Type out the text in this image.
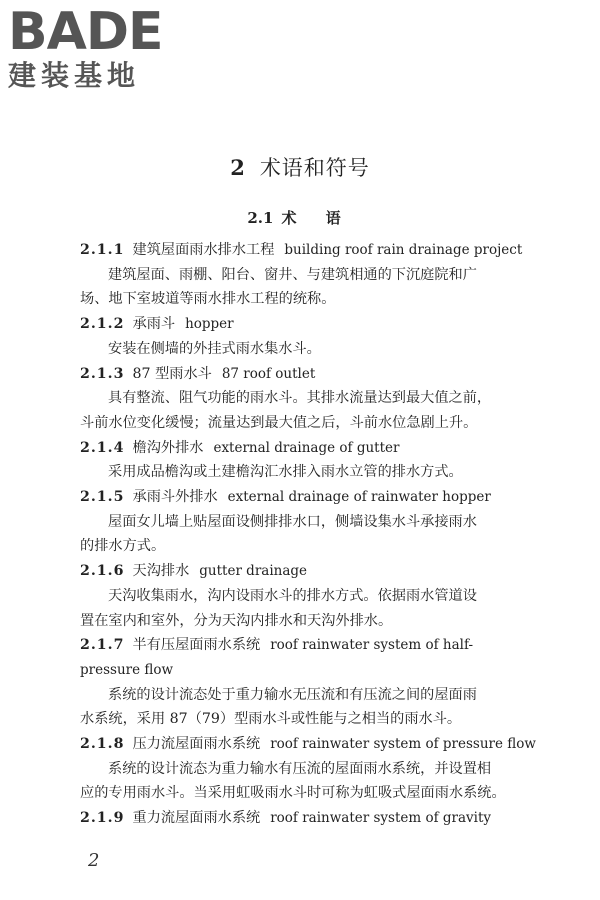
BADE
建装基地
2 术语和符号
2.1 术 语
2.1.1 建筑屋面雨水排水工程 building roof rain drainage project
建筑屋面、雨棚、阳台、窗井、与建筑相通的下沉庭院和广
场、地下室坡道等雨水排水工程的统称。
2.1.2 承雨斗 hopper
安装在侧墙的外挂式雨水集水斗。
2.1.3 87 型雨水斗 87 roof outlet
具有整流、阻气功能的雨水斗。其排水流量达到最大值之前，
斗前水位变化缓慢；流量达到最大值之后，斗前水位急剧上升。
2.1.4 檐沟外排水 external drainage of gutter
采用成品檐沟或土建檐沟汇水排入雨水立管的排水方式。
2.1.5 承雨斗外排水 external drainage of rainwater hopper
屋面女儿墙上贴屋面设侧排排水口，侧墙设集水斗承接雨水
的排水方式。
2.1.6 天沟排水 gutter drainage
天沟收集雨水，沟内设雨水斗的排水方式。依据雨水管道设
置在室内和室外，分为天沟内排水和天沟外排水。
2.1.7 半有压屋面雨水系统 roof rainwater system of half-
pressure flow
系统的设计流态处于重力输水无压流和有压流之间的屋面雨
水系统，采用 87（79）型雨水斗或性能与之相当的雨水斗。
2.1.8 压力流屋面雨水系统 roof rainwater system of pressure flow
系统的设计流态为重力输水有压流的屋面雨水系统，并设置相
应的专用雨水斗。当采用虹吸雨水斗时可称为虹吸式屋面雨水系统。
2.1.9 重力流屋面雨水系统 roof rainwater system of gravity
2
